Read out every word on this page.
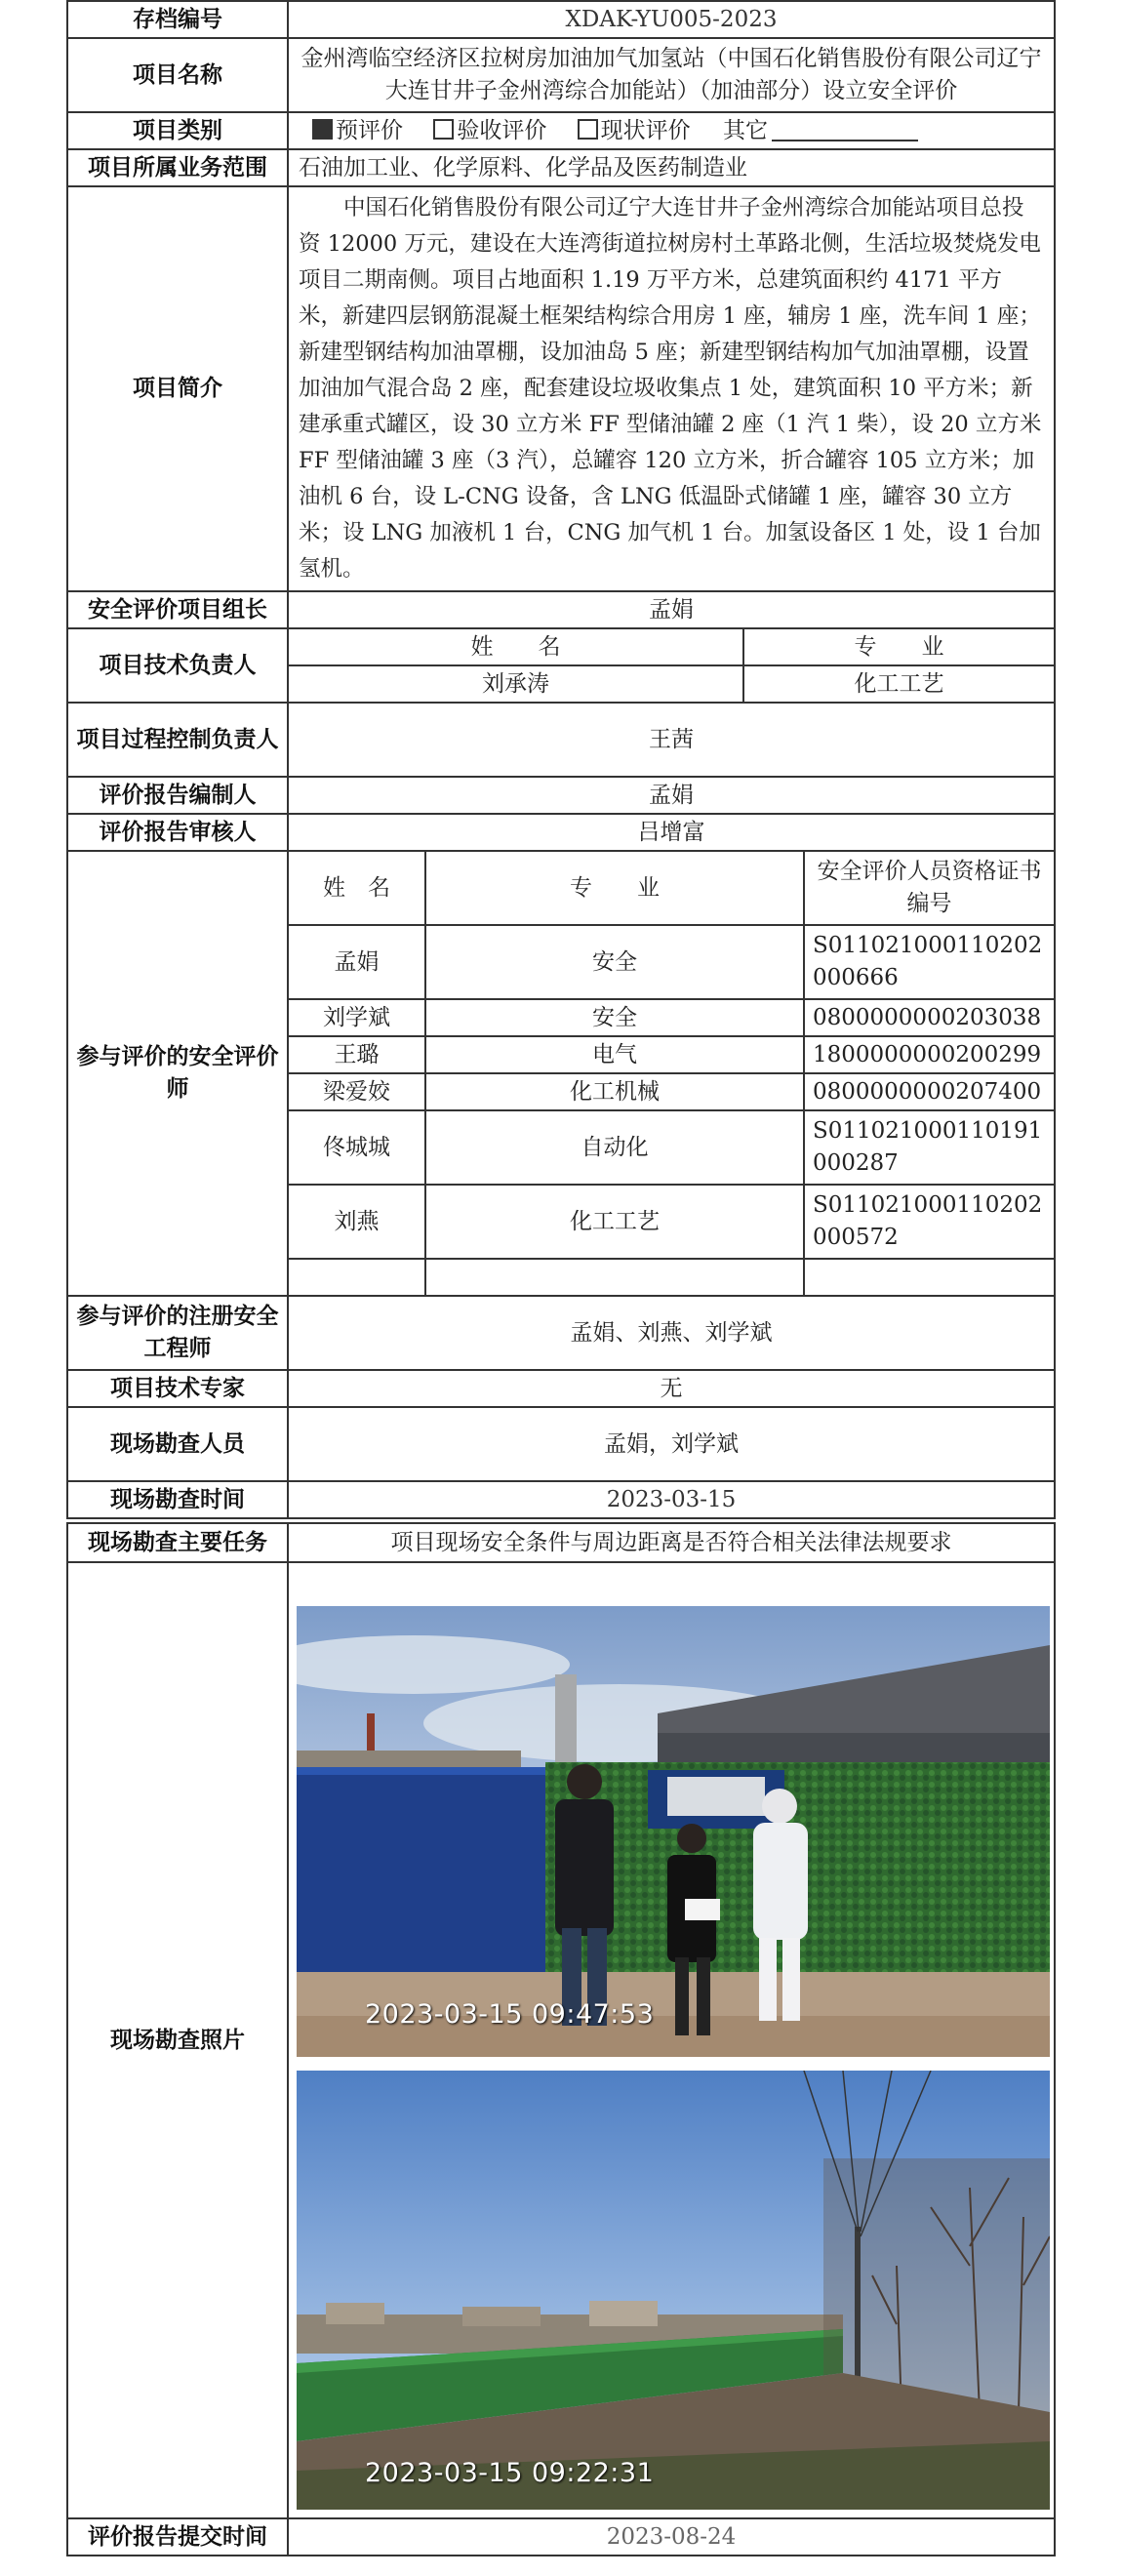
存档编号	XDAK-YU005-2023
项目名称	金州湾临空经济区拉树房加油加气加氢站（中国石化销售股份有限公司辽宁大连甘井子金州湾综合加能站）（加油部分）设立安全评价
项目类别	预评价 验收评价 现状评价 其它
项目所属业务范围	石油加工业、化学原料、化学品及医药制造业
项目简介	中国石化销售股份有限公司辽宁大连甘井子金州湾综合加能站项目总投资 12000 万元，建设在大连湾街道拉树房村土革路北侧，生活垃圾焚烧发电项目二期南侧。项目占地面积 1.19 万平方米，总建筑面积约 4171 平方米，新建四层钢筋混凝土框架结构综合用房 1 座，辅房 1 座，洗车间 1 座；新建型钢结构加油罩棚，设加油岛 5 座；新建型钢结构加气加油罩棚，设置加油加气混合岛 2 座，配套建设垃圾收集点 1 处，建筑面积 10 平方米；新建承重式罐区，设 30 立方米 FF 型储油罐 2 座（1 汽 1 柴），设 20 立方米 FF 型储油罐 3 座（3 汽），总罐容 120 立方米，折合罐容 105 立方米；加油机 6 台，设 L-CNG 设备，含 LNG 低温卧式储罐 1 座，罐容 30 立方米；设 LNG 加液机 1 台，CNG 加气机 1 台。加氢设备区 1 处，设 1 台加氢机。
安全评价项目组长	孟娟
项目技术负责人	姓　　名	专　　业
	刘承涛	化工工艺
项目过程控制负责人	王茜
评价报告编制人	孟娟
评价报告审核人	吕增富
参与评价的安全评价师	姓　名	专　　业	安全评价人员资格证书编号
	孟娟	安全	S011021000110202000666
	刘学斌	安全	0800000000203038
	王璐	电气	1800000000200299
	梁爱姣	化工机械	0800000000207400
	佟城城	自动化	S011021000110191000287
	刘燕	化工工艺	S011021000110202000572

参与评价的注册安全工程师	孟娟、刘燕、刘学斌
项目技术专家	无
现场勘查人员	孟娟，刘学斌
现场勘查时间	2023-03-15
现场勘查主要任务	项目现场安全条件与周边距离是否符合相关法律法规要求
现场勘查照片	2023-03-15 09:47:53
2023-03-15 09:22:31

评价报告提交时间	2023-08-24
